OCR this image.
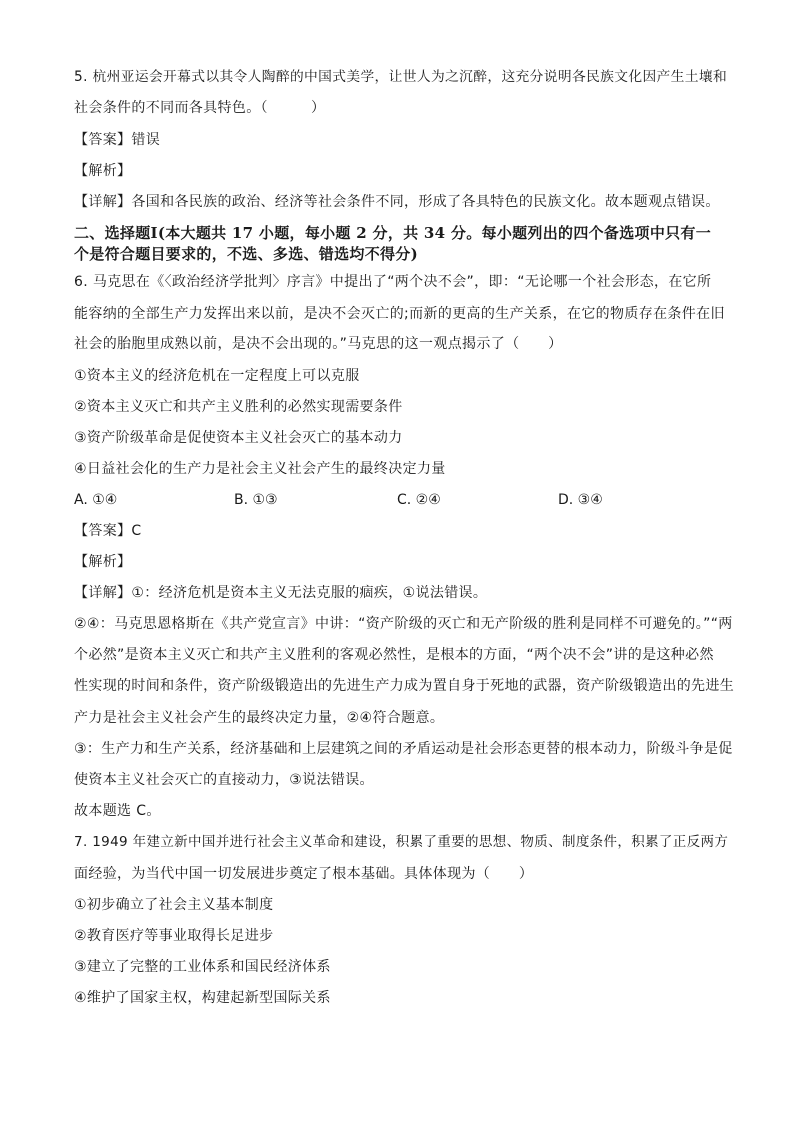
5. 杭州亚运会开幕式以其令人陶醉的中国式美学，让世人为之沉醉，这充分说明各民族文化因产生土壤和
社会条件的不同而各具特色。（　　　）
【答案】错误
【解析】
【详解】各国和各民族的政治、经济等社会条件不同，形成了各具特色的民族文化。故本题观点错误。
二、选择题Ⅰ(本大题共 17 小题，每小题 2 分，共 34 分。每小题列出的四个备选项中只有一
个是符合题目要求的，不选、多选、错选均不得分)
6. 马克思在《〈政治经济学批判〉序言》中提出了“两个决不会”，即：“无论哪一个社会形态，在它所
能容纳的全部生产力发挥出来以前，是决不会灭亡的;而新的更高的生产关系，在它的物质存在条件在旧
社会的胎胞里成熟以前，是决不会出现的。”马克思的这一观点揭示了（　　）
①资本主义的经济危机在一定程度上可以克服
②资本主义灭亡和共产主义胜利的必然实现需要条件
③资产阶级革命是促使资本主义社会灭亡的基本动力
④日益社会化的生产力是社会主义社会产生的最终决定力量
A. ①④	B. ①③	C. ②④	D. ③④
【答案】C
【解析】
【详解】①：经济危机是资本主义无法克服的痼疾，①说法错误。
②④：马克思恩格斯在《共产党宣言》中讲：“资产阶级的灭亡和无产阶级的胜利是同样不可避免的。”“两
个必然”是资本主义灭亡和共产主义胜利的客观必然性，是根本的方面，“两个决不会”讲的是这种必然
性实现的时间和条件，资产阶级锻造出的先进生产力成为置自身于死地的武器，资产阶级锻造出的先进生
产力是社会主义社会产生的最终决定力量，②④符合题意。
③：生产力和生产关系，经济基础和上层建筑之间的矛盾运动是社会形态更替的根本动力，阶级斗争是促
使资本主义社会灭亡的直接动力，③说法错误。
故本题选 C。
7. 1949 年建立新中国并进行社会主义革命和建设，积累了重要的思想、物质、制度条件，积累了正反两方
面经验，为当代中国一切发展进步奠定了根本基础。具体体现为（　　）
①初步确立了社会主义基本制度
②教育医疗等事业取得长足进步
③建立了完整的工业体系和国民经济体系
④维护了国家主权，构建起新型国际关系
